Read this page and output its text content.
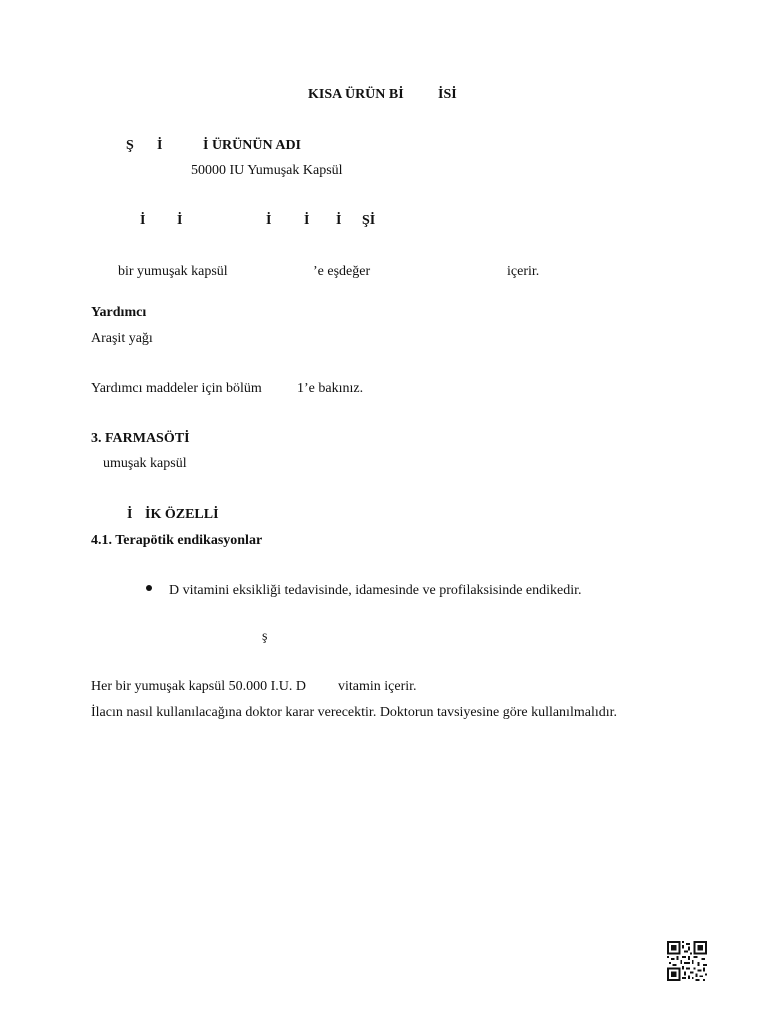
KISA ÜRÜN Bİ İSİ
Ş İ	İ ÜRÜNÜN ADI
50000 IU Yumuşak Kapsül
İ İ	İ İ İ Şİ
bir yumuşak kapsül	’e eşdeğer	içerir.
Yardımcı
Araşit yağı
Yardımcı maddeler için bölüm	1’e bakınız.
3. FARMASÖTİ
umuşak kapsül
İ İK ÖZELLİ
4.1. Terapötik endikasyonlar
D vitamini eksikliği tedavisinde, idamesinde ve profilaksisinde endikedir.
ş
Her bir yumuşak kapsül 50.000 I.U. D vitamin içerir.
İlacın nasıl kullanılacağına doktor karar verecektir. Doktorun tavsiyesine göre kullanılmalıdır.
